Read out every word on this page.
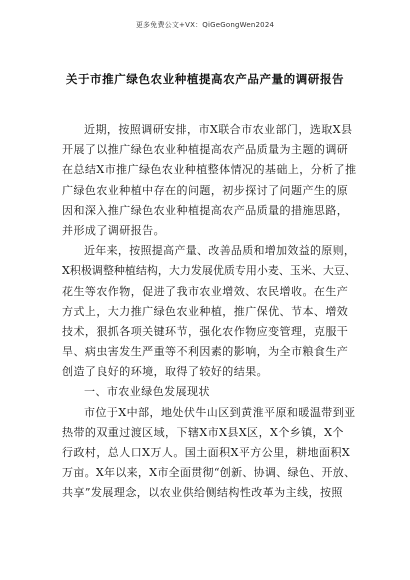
更多免费公文+VX：QiGeGongWen2024
关于市推广绿色农业种植提高农产品产量的调研报告
近期，按照调研安排，市X联合市农业部门，选取X县
开展了以推广绿色农业种植提高农产品质量为主题的调研
在总结X市推广绿色农业种植整体情况的基础上，分析了推
广绿色农业种植中存在的问题，初步探讨了问题产生的原
因和深入推广绿色农业种植提高农产品质量的措施思路，
并形成了调研报告。
近年来，按照提高产量、改善品质和增加效益的原则，
X积极调整种植结构，大力发展优质专用小麦、玉米、大豆、
花生等农作物，促进了我市农业增效、农民增收。在生产
方式上，大力推广绿色农业种植，推广保优、节本、增效
技术，狠抓各项关键环节，强化农作物应变管理，克服干
旱、病虫害发生严重等不利因素的影响，为全市粮食生产
创造了良好的环境，取得了较好的结果。
一、市农业绿色发展现状
市位于X中部，地处伏牛山区到黄淮平原和暖温带到亚
热带的双重过渡区域，下辖X市X县X区，X个乡镇，X个
行政村，总人口X万人。国土面积X平方公里，耕地面积X
万亩。X年以来，X市全面贯彻“创新、协调、绿色、开放、
共享”发展理念，以农业供给侧结构性改革为主线，按照
